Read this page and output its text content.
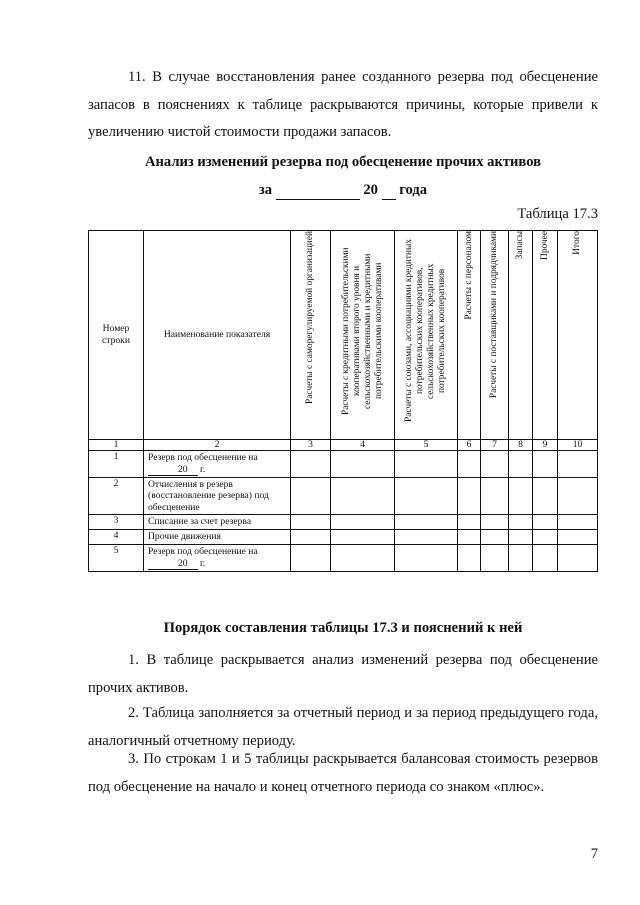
11. В случае восстановления ранее созданного резерва под обесценение запасов в пояснениях к таблице раскрываются причины, которые привели к увеличению чистой стоимости продажи запасов.

Анализ изменений резерва под обесценение прочих активов

за	20 года

Таблица 17.3

Номер строки	Наименование показателя	Расчеты с саморегулируемой организацией	Расчеты с кредитными потребительскими кооперативами второго уровня и сельскохозяйственными и кредитными потребительскими кооперативами	Расчеты с союзами, ассоциациями кредитных потребительских кооперативов, сельскохозяйственных кредитных потребительских кооперативов	Расчеты с персоналом	Расчеты с поставщиками и подрядчиками	Запасы	Прочее	Итого

1	2	3	4	5	6	7	8	9	10
1	Резерв под обесценение на
20 г.								
2	Отчисления в резерв (восстановление резерва) под обесценение								
3	Списание за счет резерва								
4	Прочие движения								
5	Резерв под обесценение на
20 г.								

Порядок составления таблицы 17.3 и пояснений к ней

1. В таблице раскрывается анализ изменений резерва под обесценение прочих активов.

2. Таблица заполняется за отчетный период и за период предыдущего года, аналогичный отчетному периоду.

3. По строкам 1 и 5 таблицы раскрывается балансовая стоимость резервов под обесценение на начало и конец отчетного периода со знаком «плюс».

7
